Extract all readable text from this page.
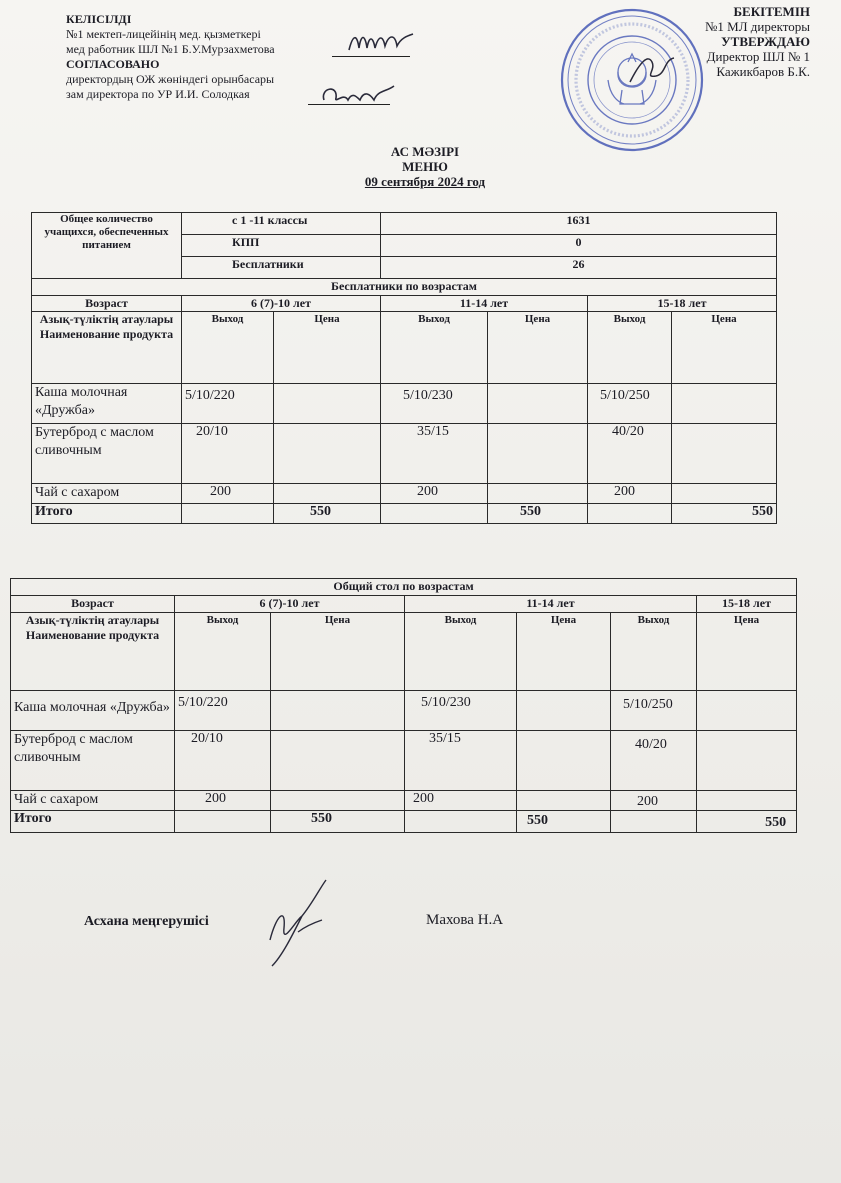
КЕЛІСІЛДІ
№1 мектеп-лицейінің мед. қызметкері
мед работник ШЛ №1 Б.У.Мурзахметова
СОГЛАСОВАНО
директордың ОЖ жөніндегі орынбасары
зам директора по УР И.И. Солодкая
БЕКІТЕМІН
№1 МЛ директоры
УТВЕРЖДАЮ
Директор ШЛ № 1
Кажикбаров Б.К.
АС МӘЗІРІ
МЕНЮ
09 сентября 2024 год
Общее количество учащихся, обеспеченных питанием	с 1 -11 классы		1631			
	КПП		0			
	Бесплатники		26			
Бесплатники по возрастам						
Возраст	6 (7)-10 лет		11-14 лет		15-18 лет	
Азық-түліктің атаулары Наименование продукта	Выход	Цена	Выход	Цена	Выход	Цена
Каша молочная «Дружба»	5/10/220		5/10/230		5/10/250	
Бутерброд с маслом сливочным	20/10		35/15		40/20	
Чай с сахаром	200		200		200	
Итого		550		550		550
Общий стол по возрастам						
Возраст	6 (7)-10 лет		11-14 лет			15-18 лет
Азық-түліктің атаулары Наименование продукта	Выход	Цена	Выход	Цена	Выход	Цена
Каша молочная «Дружба»	5/10/220		5/10/230		5/10/250	
Бутерброд с маслом сливочным	20/10		35/15		40/20	
Чай с сахаром	200		200		200	
Итого		550		550		550
Асхана меңгерушісі	Махова Н.А
